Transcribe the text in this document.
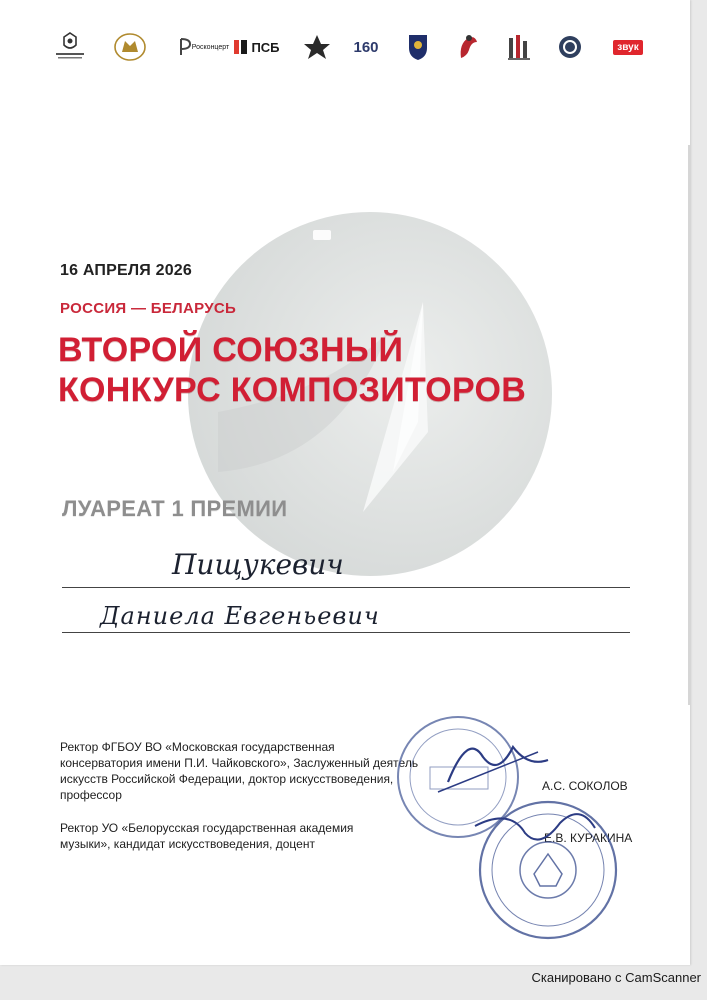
Росконцерт ПСБ	160	звук
16 АПРЕЛЯ 2026
РОССИЯ — БЕЛАРУСЬ
ВТОРОЙ СОЮЗНЫЙ
КОНКУРС КОМПОЗИТОРОВ
ЛУАРЕАТ 1 ПРЕМИИ
Пищукевич
Даниела Евгеньевич
Ректор ФГБОУ ВО «Московская государственная консерватория имени П.И. Чайковского», Заслуженный деятель искусств Российской Федерации, доктор искусствоведения, профессор
А.С. СОКОЛОВ
Ректор УО «Белорусская государственная академия музыки», кандидат искусствоведения, доцент	Е.В. КУРАКИНА
Сканировано с CamScanner
